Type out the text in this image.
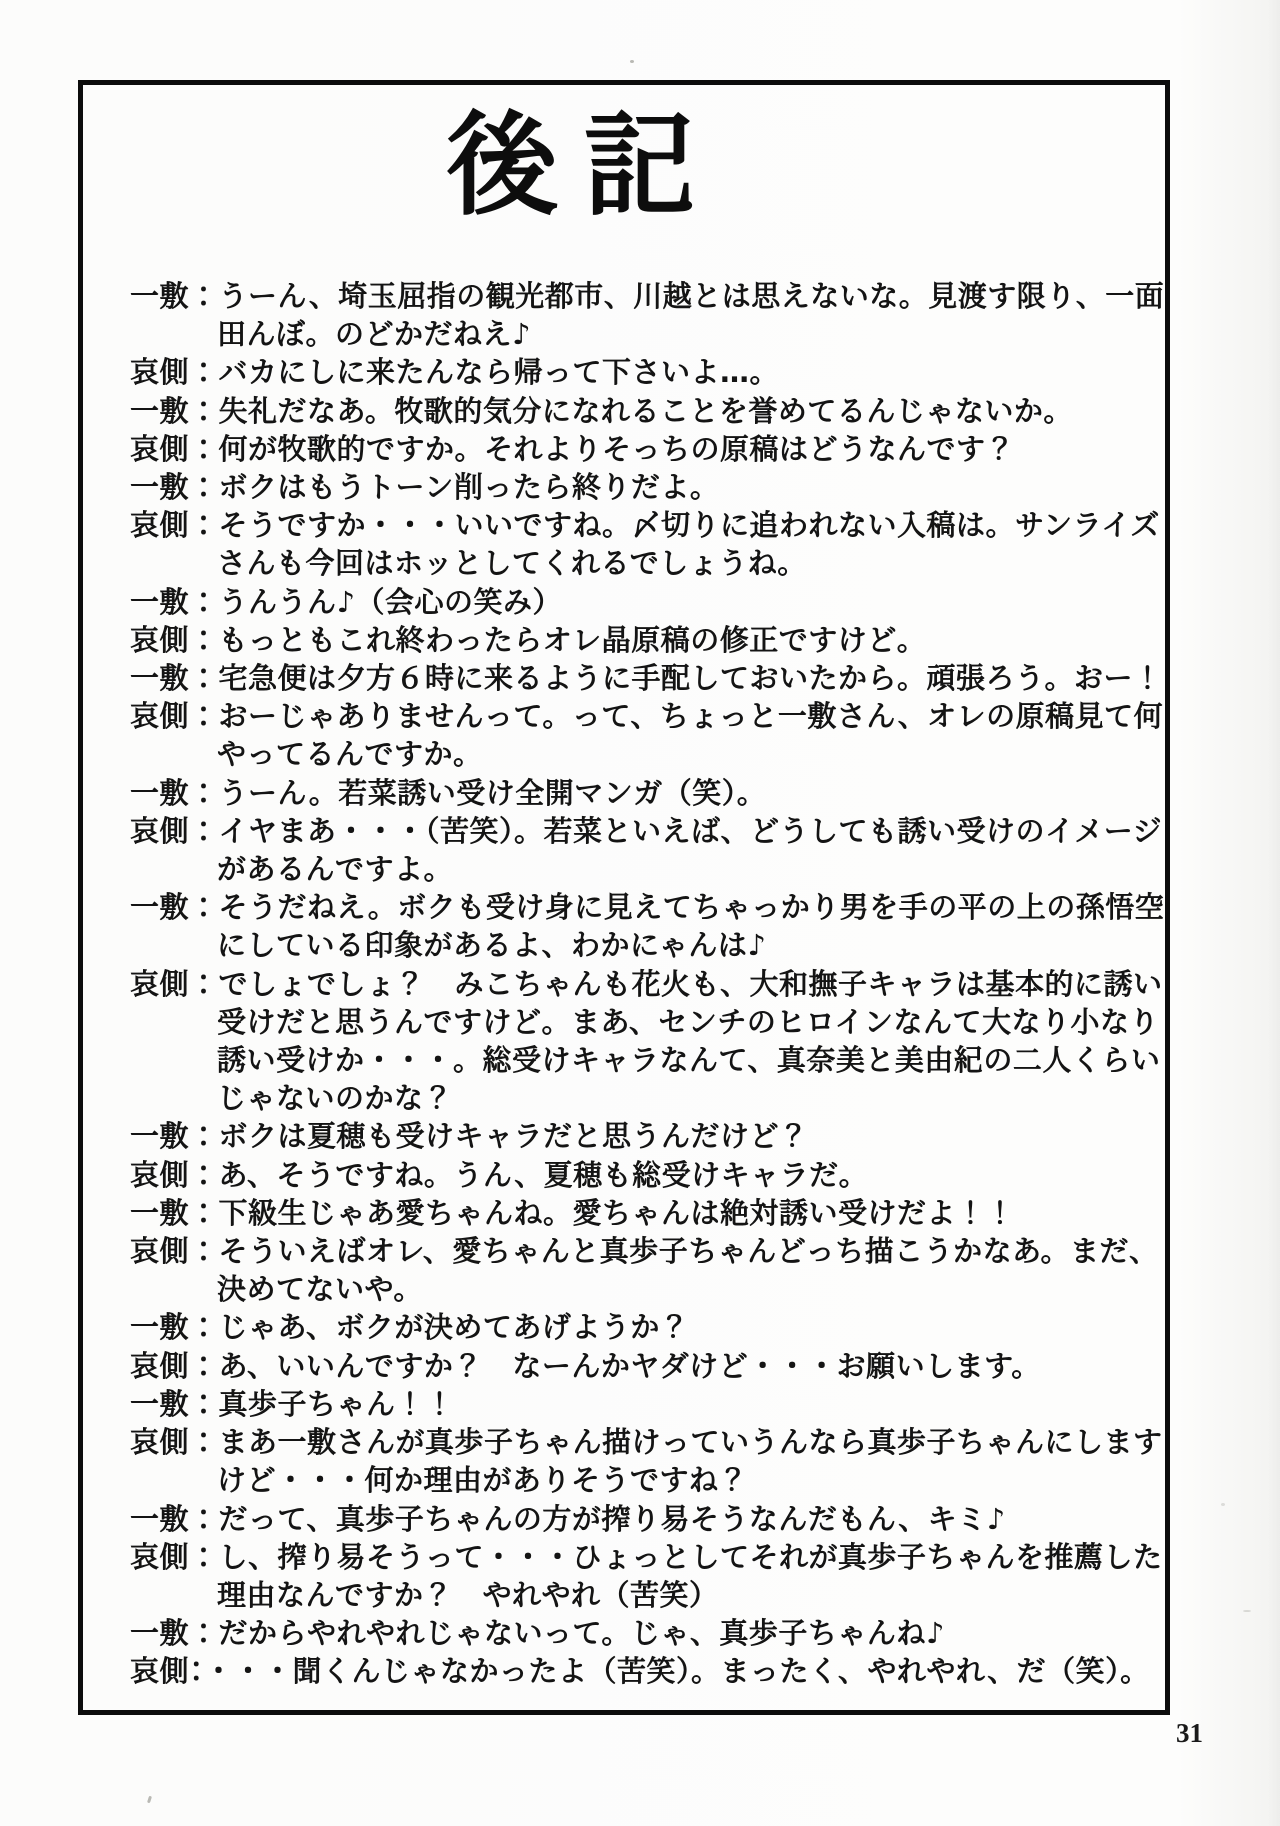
後記
一敷：うーん、埼玉屈指の観光都市、川越とは思えないな。見渡す限り、一面
田んぼ。のどかだねえ♪
哀側：バカにしに来たんなら帰って下さいよ…。
一敷：失礼だなあ。牧歌的気分になれることを誉めてるんじゃないか。
哀側：何が牧歌的ですか。それよりそっちの原稿はどうなんです？
一敷：ボクはもうトーン削ったら終りだよ。
哀側：そうですか・・・いいですね。〆切りに追われない入稿は。サンライズ
さんも今回はホッとしてくれるでしょうね。
一敷：うんうん♪（会心の笑み）
哀側：もっともこれ終わったらオレ晶原稿の修正ですけど。
一敷：宅急便は夕方６時に来るように手配しておいたから。頑張ろう。おー！
哀側：おーじゃありませんって。って、ちょっと一敷さん、オレの原稿見て何
やってるんですか。
一敷：うーん。若菜誘い受け全開マンガ（笑）。
哀側：イヤまあ・・・（苦笑）。若菜といえば、どうしても誘い受けのイメージ
があるんですよ。
一敷：そうだねえ。ボクも受け身に見えてちゃっかり男を手の平の上の孫悟空
にしている印象があるよ、わかにゃんは♪
哀側：でしょでしょ？　みこちゃんも花火も、大和撫子キャラは基本的に誘い
受けだと思うんですけど。まあ、センチのヒロインなんて大なり小なり
誘い受けか・・・。総受けキャラなんて、真奈美と美由紀の二人くらい
じゃないのかな？
一敷：ボクは夏穂も受けキャラだと思うんだけど？
哀側：あ、そうですね。うん、夏穂も総受けキャラだ。
一敷：下級生じゃあ愛ちゃんね。愛ちゃんは絶対誘い受けだよ！！
哀側：そういえばオレ、愛ちゃんと真歩子ちゃんどっち描こうかなあ。まだ、
決めてないや。
一敷：じゃあ、ボクが決めてあげようか？
哀側：あ、いいんですか？　なーんかヤダけど・・・お願いします。
一敷：真歩子ちゃん！！
哀側：まあ一敷さんが真歩子ちゃん描けっていうんなら真歩子ちゃんにします
けど・・・何か理由がありそうですね？
一敷：だって、真歩子ちゃんの方が搾り易そうなんだもん、キミ♪
哀側：し、搾り易そうって・・・ひょっとしてそれが真歩子ちゃんを推薦した
理由なんですか？　やれやれ（苦笑）
一敷：だからやれやれじゃないって。じゃ、真歩子ちゃんね♪
哀側：・・・聞くんじゃなかったよ（苦笑）。まったく、やれやれ、だ（笑）。
31
